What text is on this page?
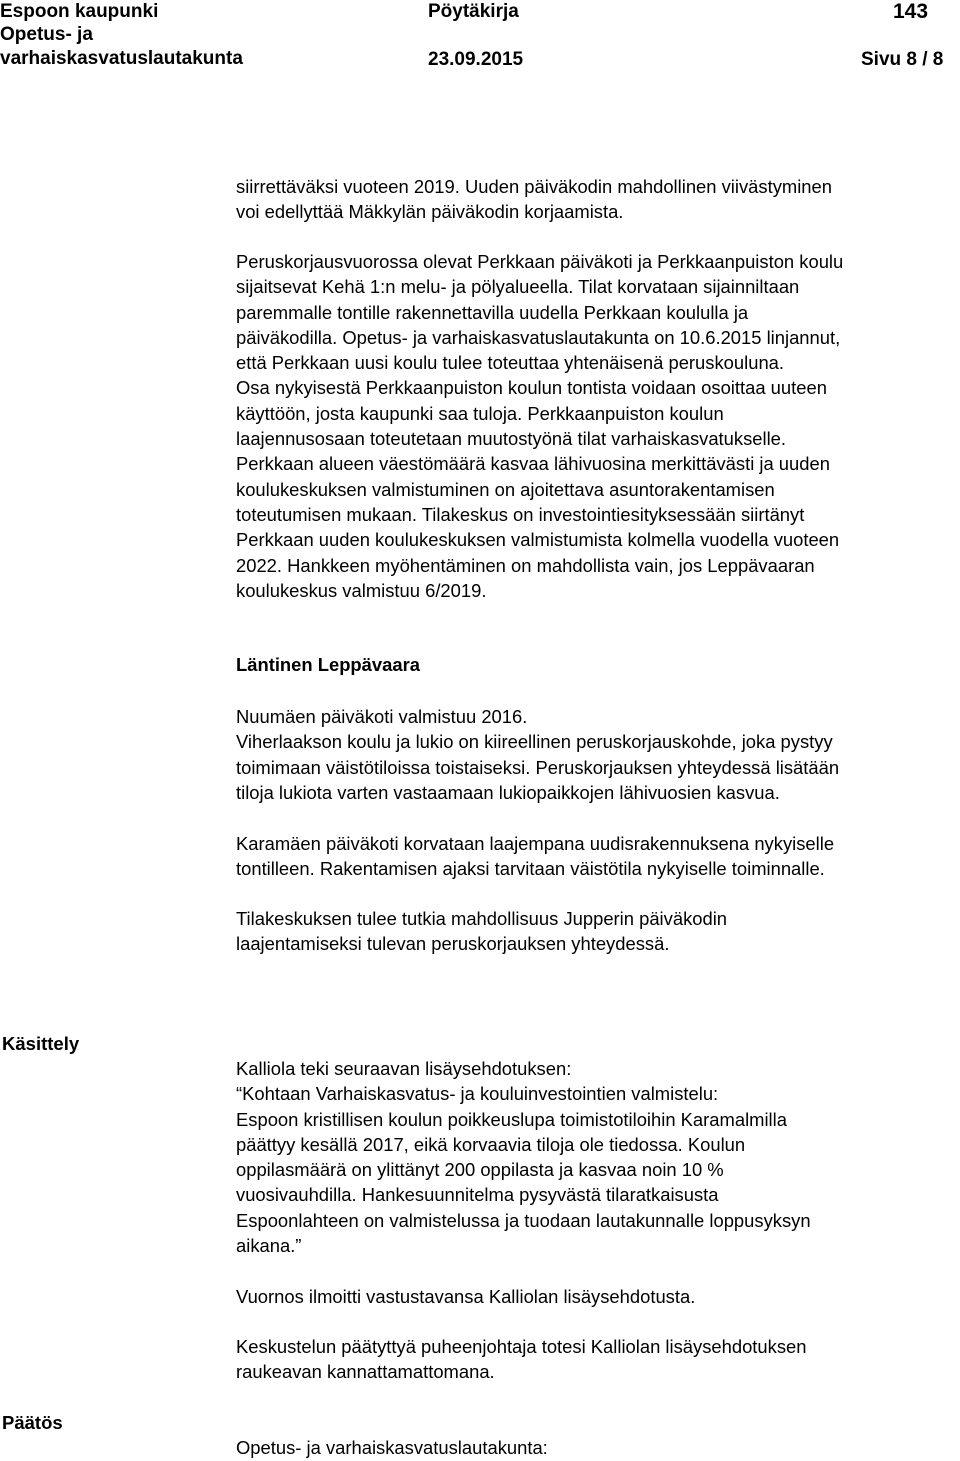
Espoon kaupunki	Pöytäkirja	143
Opetus- ja
varhaiskasvatuslautakunta	23.09.2015	Sivu 8 / 8
siirrettäväksi vuoteen 2019. Uuden päiväkodin mahdollinen viivästyminen
voi edellyttää Mäkkylän päiväkodin korjaamista.
Peruskorjausvuorossa olevat Perkkaan päiväkoti ja Perkkaanpuiston koulu
sijaitsevat Kehä 1:n melu- ja pölyalueella. Tilat korvataan sijainniltaan
paremmalle tontille rakennettavilla uudella Perkkaan koululla ja
päiväkodilla. Opetus- ja varhaiskasvatuslautakunta on 10.6.2015 linjannut,
että Perkkaan uusi koulu tulee toteuttaa yhtenäisenä peruskouluna.
Osa nykyisestä Perkkaanpuiston koulun tontista voidaan osoittaa uuteen
käyttöön, josta kaupunki saa tuloja. Perkkaanpuiston koulun
laajennusosaan toteutetaan muutostyönä tilat varhaiskasvatukselle.
Perkkaan alueen väestömäärä kasvaa lähivuosina merkittävästi ja uuden
koulukeskuksen valmistuminen on ajoitettava asuntorakentamisen
toteutumisen mukaan. Tilakeskus on investointiesityksessään siirtänyt
Perkkaan uuden koulukeskuksen valmistumista kolmella vuodella vuoteen
2022. Hankkeen myöhentäminen on mahdollista vain, jos Leppävaaran
koulukeskus valmistuu 6/2019.
Läntinen Leppävaara
Nuumäen päiväkoti valmistuu 2016.
Viherlaakson koulu ja lukio on kiireellinen peruskorjauskohde, joka pystyy
toimimaan väistötiloissa toistaiseksi. Peruskorjauksen yhteydessä lisätään
tiloja lukiota varten vastaamaan lukiopaikkojen lähivuosien kasvua.
Karamäen päiväkoti korvataan laajempana uudisrakennuksena nykyiselle
tontilleen. Rakentamisen ajaksi tarvitaan väistötila nykyiselle toiminnalle.
Tilakeskuksen tulee tutkia mahdollisuus Jupperin päiväkodin
laajentamiseksi tulevan peruskorjauksen yhteydessä.
Käsittely
Kalliola teki seuraavan lisäysehdotuksen:
“Kohtaan Varhaiskasvatus- ja kouluinvestointien valmistelu:
Espoon kristillisen koulun poikkeuslupa toimistotiloihin Karamalmilla
päättyy kesällä 2017, eikä korvaavia tiloja ole tiedossa. Koulun
oppilasmäärä on ylittänyt 200 oppilasta ja kasvaa noin 10 %
vuosivauhdilla. Hankesuunnitelma pysyvästä tilaratkaisusta
Espoonlahteen on valmistelussa ja tuodaan lautakunnalle loppusyksyn
aikana.”
Vuornos ilmoitti vastustavansa Kalliolan lisäysehdotusta.
Keskustelun päätyttyä puheenjohtaja totesi Kalliolan lisäysehdotuksen
raukeavan kannattamattomana.
Päätös
Opetus- ja varhaiskasvatuslautakunta:
